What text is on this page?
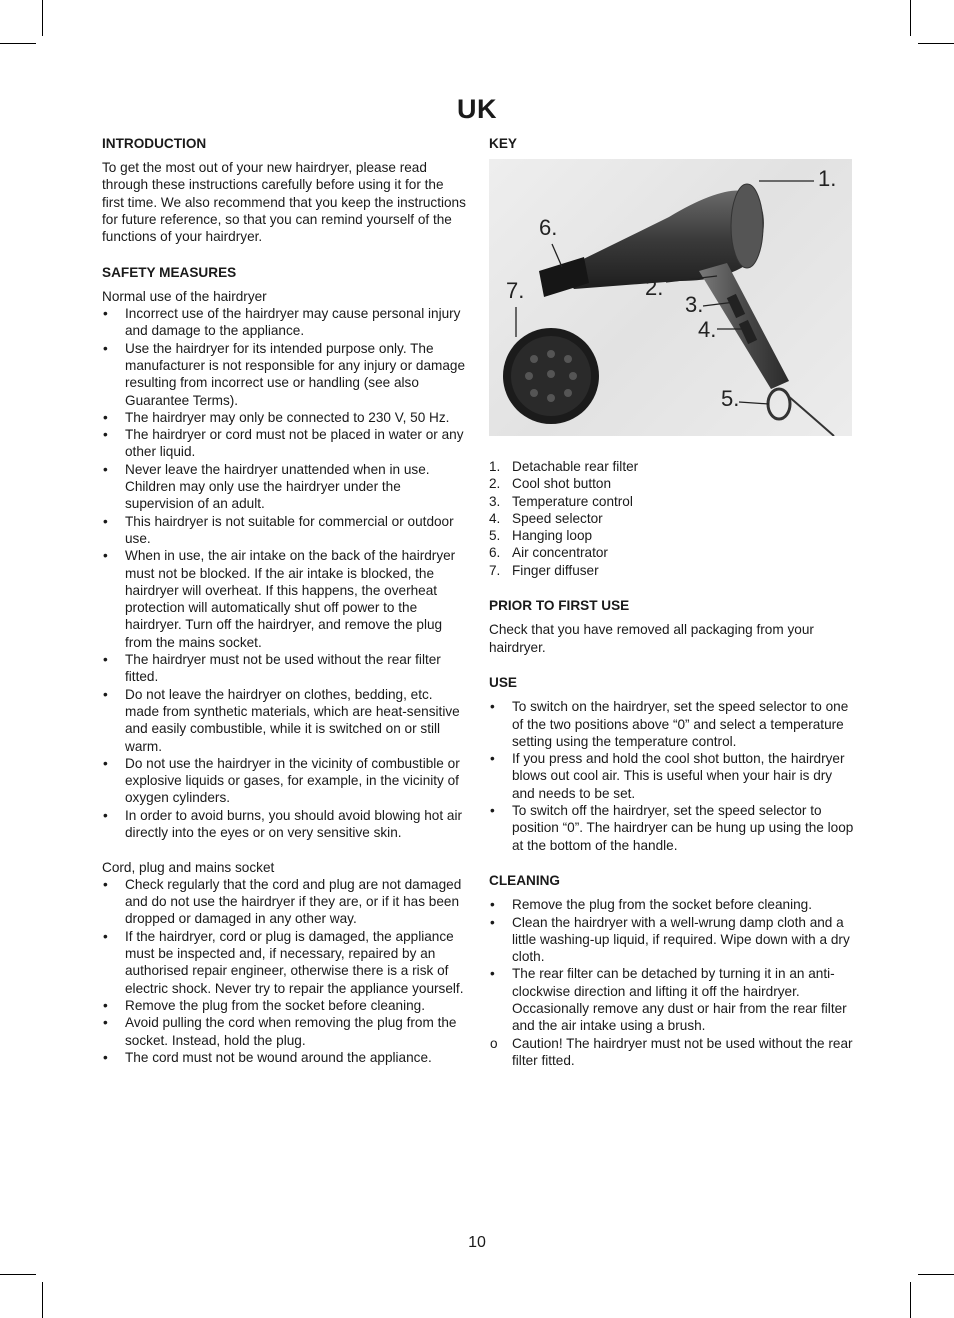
UK
INTRODUCTION

To get the most out of your new hairdryer, please read through these instructions carefully before using it for the first time. We also recommend that you keep the instructions for future reference, so that you can remind yourself of the functions of your hairdryer.

SAFETY MEASURES

Normal use of the hairdryer

• Incorrect use of the hairdryer may cause personal injury and damage to the appliance.
• Use the hairdryer for its intended purpose only. The manufacturer is not responsible for any injury or damage resulting from incorrect use or handling (see also Guarantee Terms).
• The hairdryer may only be connected to 230 V, 50 Hz.
• The hairdryer or cord must not be placed in water or any other liquid.
• Never leave the hairdryer unattended when in use. Children may only use the hairdryer under the supervision of an adult.
• This hairdryer is not suitable for commercial or outdoor use.
• When in use, the air intake on the back of the hairdryer must not be blocked. If the air intake is blocked, the hairdryer will overheat. If this happens, the overheat protection will automatically shut off power to the hairdryer. Turn off the hairdryer, and remove the plug from the mains socket.
• The hairdryer must not be used without the rear filter fitted.
• Do not leave the hairdryer on clothes, bedding, etc. made from synthetic materials, which are heat-sensitive and easily combustible, while it is switched on or still warm.
• Do not use the hairdryer in the vicinity of combustible or explosive liquids or gases, for example, in the vicinity of oxygen cylinders.
• In order to avoid burns, you should avoid blowing hot air directly into the eyes or on very sensitive skin.

Cord, plug and mains socket

• Check regularly that the cord and plug are not damaged and do not use the hairdryer if they are, or if it has been dropped or damaged in any other way.
• If the hairdryer, cord or plug is damaged, the appliance must be inspected and, if necessary, repaired by an authorised repair engineer, otherwise there is a risk of electric shock. Never try to repair the appliance yourself.
• Remove the plug from the socket before cleaning.
• Avoid pulling the cord when removing the plug from the socket. Instead, hold the plug.
• The cord must not be wound around the appliance.
KEY
1.
2.
3.
4.
5.
6.
7.
1. Detachable rear filter
2. Cool shot button
3. Temperature control
4. Speed selector
5. Hanging loop
6. Air concentrator
7. Finger diffuser
PRIOR TO FIRST USE

Check that you have removed all packaging from your hairdryer.

USE
• To switch on the hairdryer, set the speed selector to one of the two positions above “0” and select a temperature setting using the temperature control.
• If you press and hold the cool shot button, the hairdryer blows out cool air. This is useful when your hair is dry and needs to be set.
• To switch off the hairdryer, set the speed selector to position “0”. The hairdryer can be hung up using the loop at the bottom of the handle.
CLEANING
• Remove the plug from the socket before cleaning.
• Clean the hairdryer with a well-wrung damp cloth and a little washing-up liquid, if required. Wipe down with a dry cloth.
• The rear filter can be detached by turning it in an anti-clockwise direction and lifting it off the hairdryer. Occasionally remove any dust or hair from the rear filter and the air intake using a brush.
o Caution! The hairdryer must not be used without the rear filter fitted.
10
